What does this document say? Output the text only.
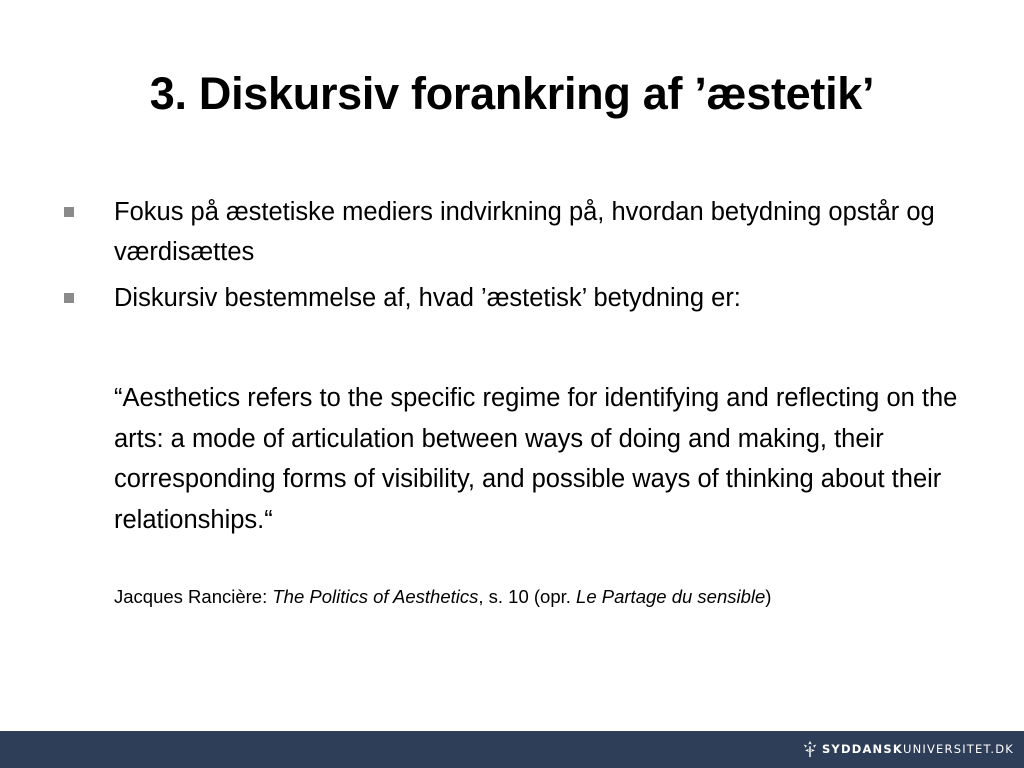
3. Diskursiv forankring af ’æstetik’
Fokus på æstetiske mediers indvirkning på, hvordan betydning opstår og værdisættes
Diskursiv bestemmelse af, hvad ’æstetisk’ betydning er:

“Aesthetics refers to the specific regime for identifying and reflecting on the arts: a mode of articulation between ways of doing and making, their corresponding forms of visibility, and possible ways of thinking about their relationships.“

Jacques Rancière: The Politics of Aesthetics, s. 10 (opr. Le Partage du sensible)

SYDDANSKUNIVERSITET.DK
